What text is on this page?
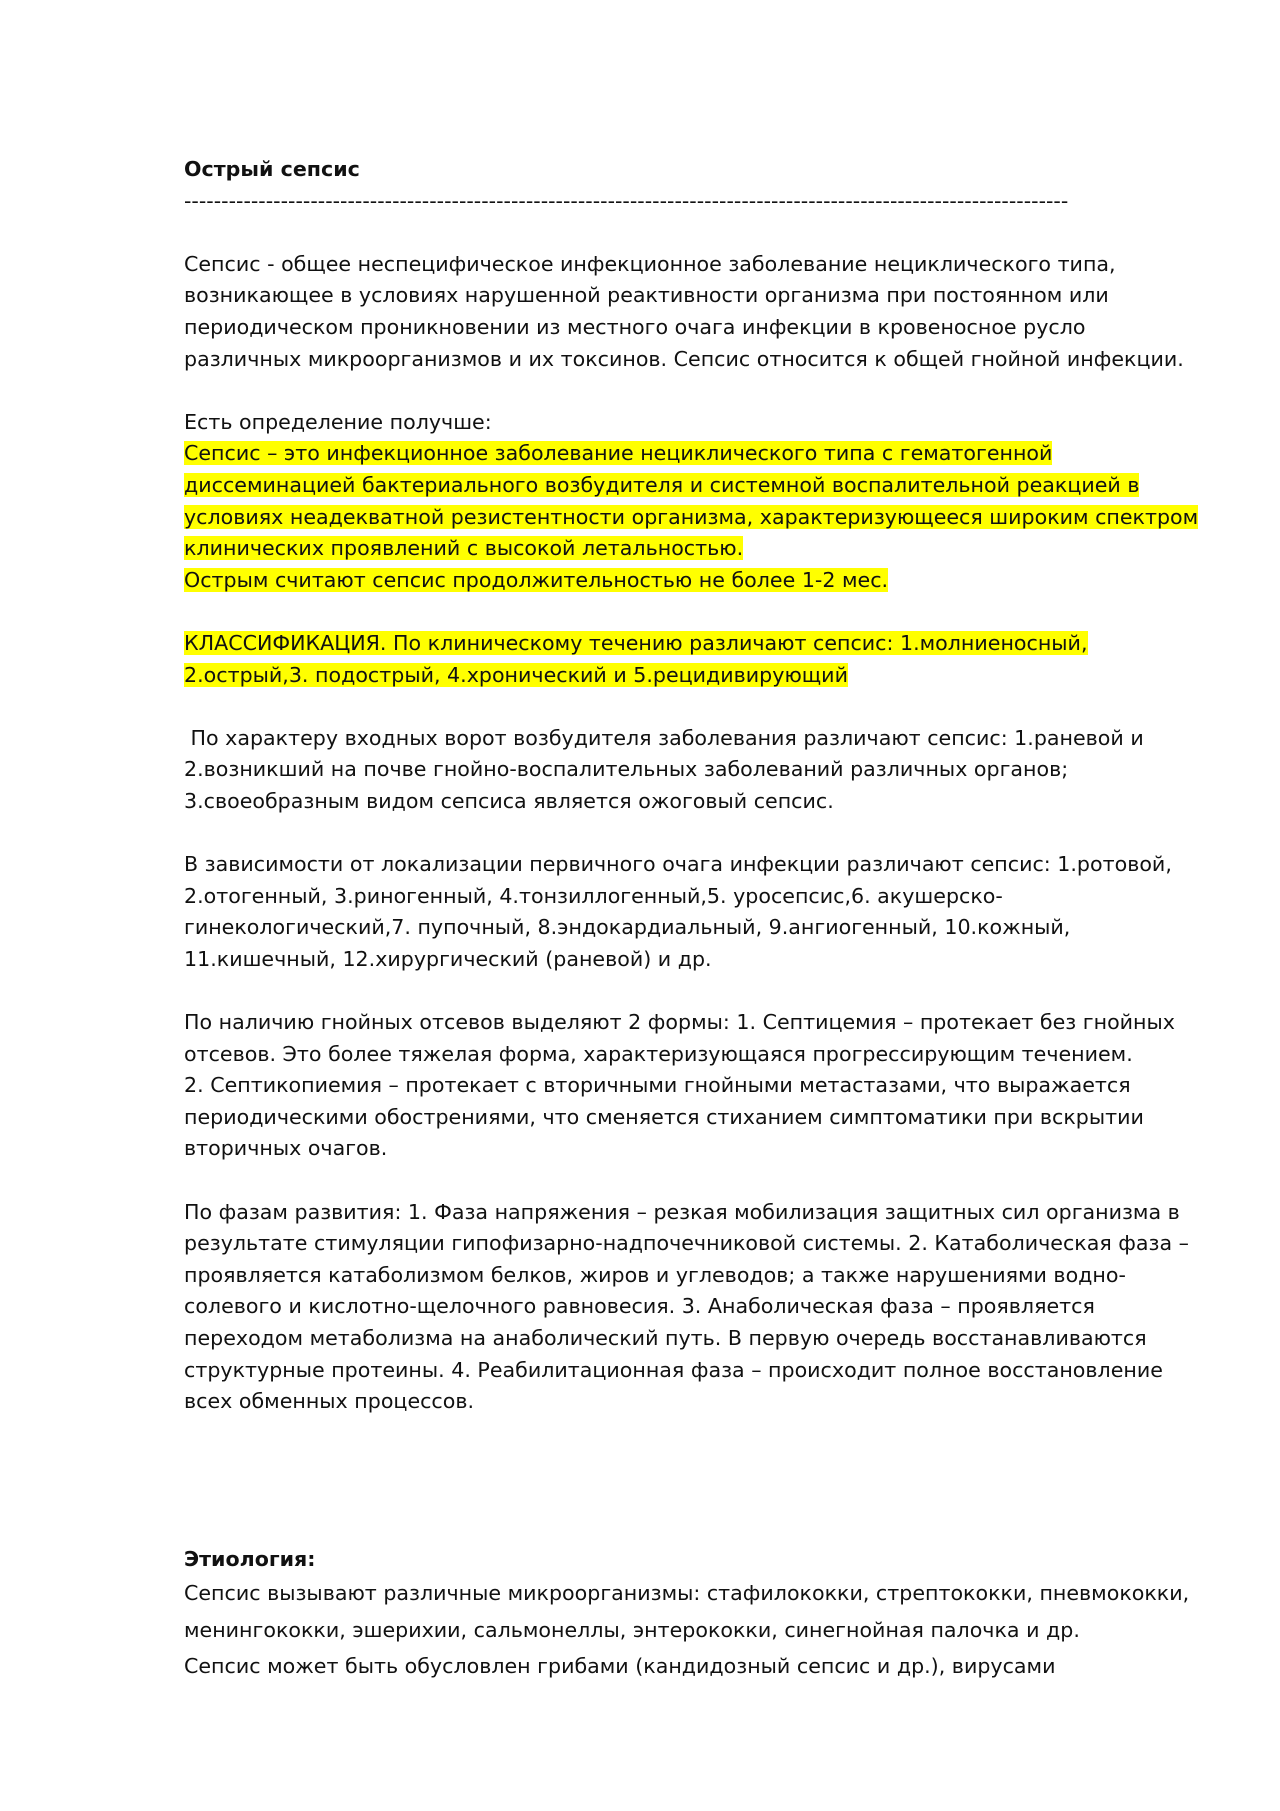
Острый сепсис

-----------------------------------------------------------------------------------------------------------------------

Сепсис - общее неспецифическое инфекционное заболевание нециклического типа, возникающее в условиях нарушенной реактивности организма при постоянном или периодическом проникновении из местного очага инфекции в кровеносное русло различных микроорганизмов и их токсинов. Сепсис относится к общей гнойной инфекции.

Есть определение получше:

Сепсис – это инфекционное заболевание нециклического типа с гематогенной диссеминацией бактериального возбудителя и системной воспалительной реакцией в условиях неадекватной резистентности организма, характеризующееся широким спектром клинических проявлений с высокой летальностью.

Острым считают сепсис продолжительностью не более 1-2 мес.

КЛАССИФИКАЦИЯ. По клиническому течению различают сепсис: 1.молниеносный, 2.острый,3. подострый, 4.хронический и 5.рецидивирующий

По характеру входных ворот возбудителя заболевания различают сепсис: 1.раневой и 2.возникший на почве гнойно-воспалительных заболеваний различных органов; 3.своеобразным видом сепсиса является ожоговый сепсис.

В зависимости от локализации первичного очага инфекции различают сепсис: 1.ротовой, 2.отогенный, 3.риногенный, 4.тонзиллогенный,5. уросепсис,6. акушерско-гинекологический,7. пупочный, 8.эндокардиальный, 9.ангиогенный, 10.кожный, 11.кишечный, 12.хирургический (раневой) и др.

По наличию гнойных отсевов выделяют 2 формы: 1. Септицемия – протекает без гнойных отсевов. Это более тяжелая форма, характеризующаяся прогрессирующим течением.

2. Септикопиемия – протекает с вторичными гнойными метастазами, что выражается периодическими обострениями, что сменяется стиханием симптоматики при вскрытии вторичных очагов.

По фазам развития: 1. Фаза напряжения – резкая мобилизация защитных сил организма в результате стимуляции гипофизарно-надпочечниковой системы. 2. Катаболическая фаза – проявляется катаболизмом белков, жиров и углеводов; а также нарушениями водно-солевого и кислотно-щелочного равновесия. 3. Анаболическая фаза – проявляется переходом метаболизма на анаболический путь. В первую очередь восстанавливаются структурные протеины. 4. Реабилитационная фаза – происходит полное восстановление всех обменных процессов.

Этиология:

Сепсис вызывают различные микроорганизмы: стафилококки, стрептококки, пневмококки, менингококки, эшерихии, сальмонеллы, энтерококки, синегнойная палочка и др.

Сепсис может быть обусловлен грибами (кандидозный сепсис и др.), вирусами
